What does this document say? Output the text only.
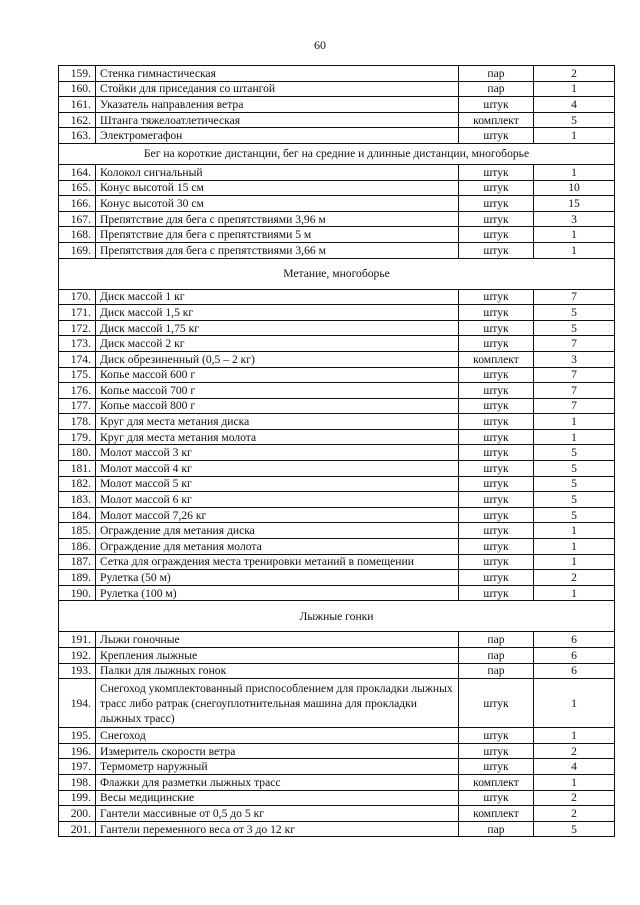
60
159.	Стенка гимнастическая	пар	2
160.	Стойки для приседания со штангой	пар	1
161.	Указатель направления ветра	штук	4
162.	Штанга тяжелоатлетическая	комплект	5
163.	Электромегафон	штук	1
Бег на короткие дистанции, бег на средние и длинные дистанции, многоборье			
164.	Колокол сигнальный	штук	1
165.	Конус высотой 15 см	штук	10
166.	Конус высотой 30 см	штук	15
167.	Препятствие для бега с препятствиями 3,96 м	штук	3
168.	Препятствие для бега с препятствиями 5 м	штук	1
169.	Препятствия для бега с препятствиями 3,66 м	штук	1
Метание, многоборье			
170.	Диск массой 1 кг	штук	7
171.	Диск массой 1,5 кг	штук	5
172.	Диск массой 1,75 кг	штук	5
173.	Диск массой 2 кг	штук	7
174.	Диск обрезиненный (0,5 – 2 кг)	комплект	3
175.	Копье массой 600 г	штук	7
176.	Копье массой 700 г	штук	7
177.	Копье массой 800 г	штук	7
178.	Круг для места метания диска	штук	1
179.	Круг для места метания молота	штук	1
180.	Молот массой 3 кг	штук	5
181.	Молот массой 4 кг	штук	5
182.	Молот массой 5 кг	штук	5
183.	Молот массой 6 кг	штук	5
184.	Молот массой 7,26 кг	штук	5
185.	Ограждение для метания диска	штук	1
186.	Ограждение для метания молота	штук	1
187.	Сетка для ограждения места тренировки метаний в помещении	штук	1
189.	Рулетка (50 м)	штук	2
190.	Рулетка (100 м)	штук	1
Лыжные гонки			
191.	Лыжи гоночные	пар	6
192.	Крепления лыжные	пар	6
193.	Палки для лыжных гонок	пар	6
194.	Снегоход укомплектованный приспособлением для прокладки лыжных трасс либо ратрак (снегоуплотнительная машина для прокладки лыжных трасс)	штук	1
195.	Снегоход	штук	1
196.	Измеритель скорости ветра	штук	2
197.	Термометр наружный	штук	4
198.	Флажки для разметки лыжных трасс	комплект	1
199.	Весы медицинские	штук	2
200.	Гантели массивные от 0,5 до 5 кг	комплект	2
201.	Гантели переменного веса от 3 до 12 кг	пар	5
